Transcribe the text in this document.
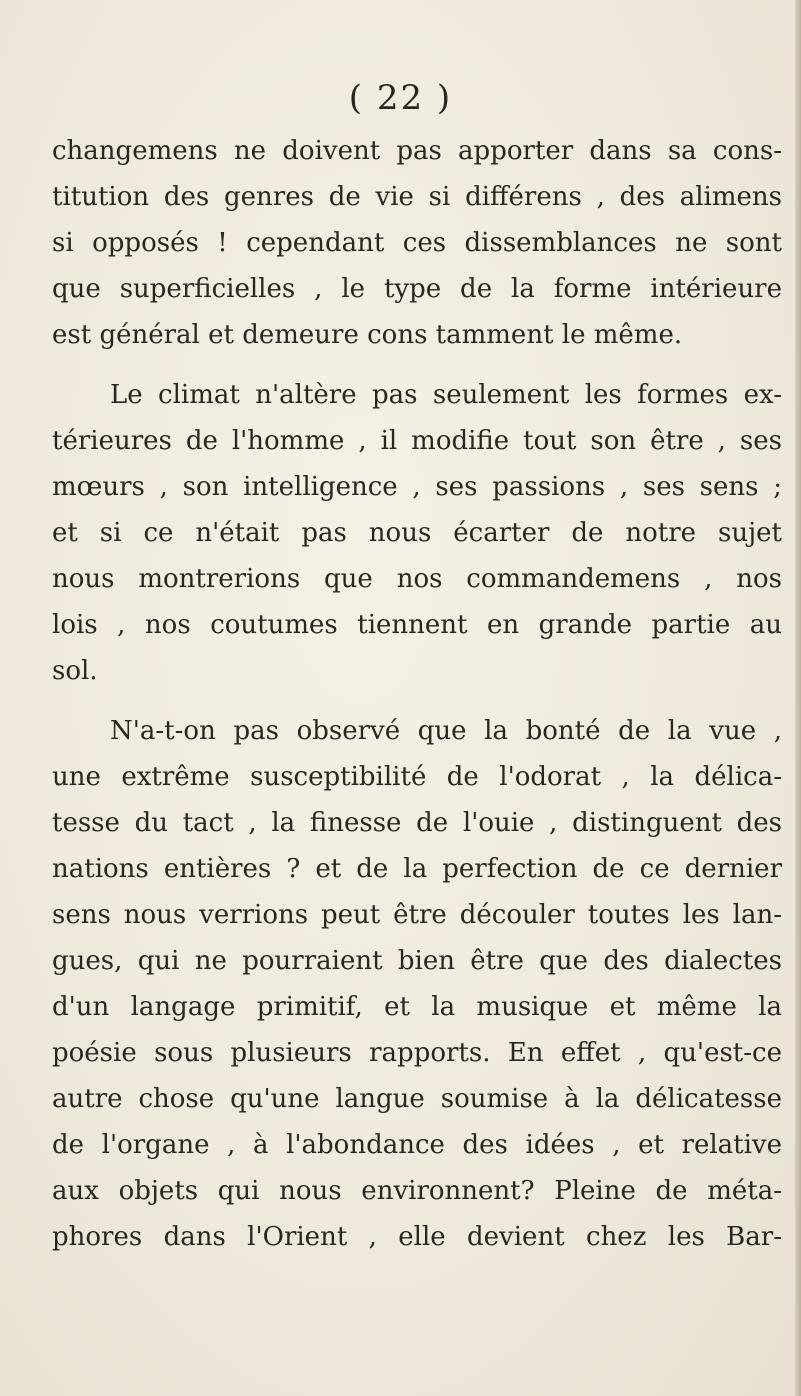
( 22 )
changemens ne doivent pas apporter dans sa cons-
titution des genres de vie si différens , des alimens
si opposés ! cependant ces dissemblances ne sont
que superficielles , le type de la forme intérieure
est général et demeure cons tamment le même.
Le climat n'altère pas seulement les formes ex-
térieures de l'homme , il modifie tout son être , ses
mœurs , son intelligence , ses passions , ses sens ;
et si ce n'était pas nous écarter de notre sujet
nous montrerions que nos commandemens , nos
lois , nos coutumes tiennent en grande partie au
sol.
N'a-t-on pas observé que la bonté de la vue ,
une extrême susceptibilité de l'odorat , la délica-
tesse du tact , la finesse de l'ouie , distinguent des
nations entières ? et de la perfection de ce dernier
sens nous verrions peut être découler toutes les lan-
gues, qui ne pourraient bien être que des dialectes
d'un langage primitif, et la musique et même la
poésie sous plusieurs rapports. En effet , qu'est-ce
autre chose qu'une langue soumise à la délicatesse
de l'organe , à l'abondance des idées , et relative
aux objets qui nous environnent? Pleine de méta-
phores dans l'Orient , elle devient chez les Bar-
